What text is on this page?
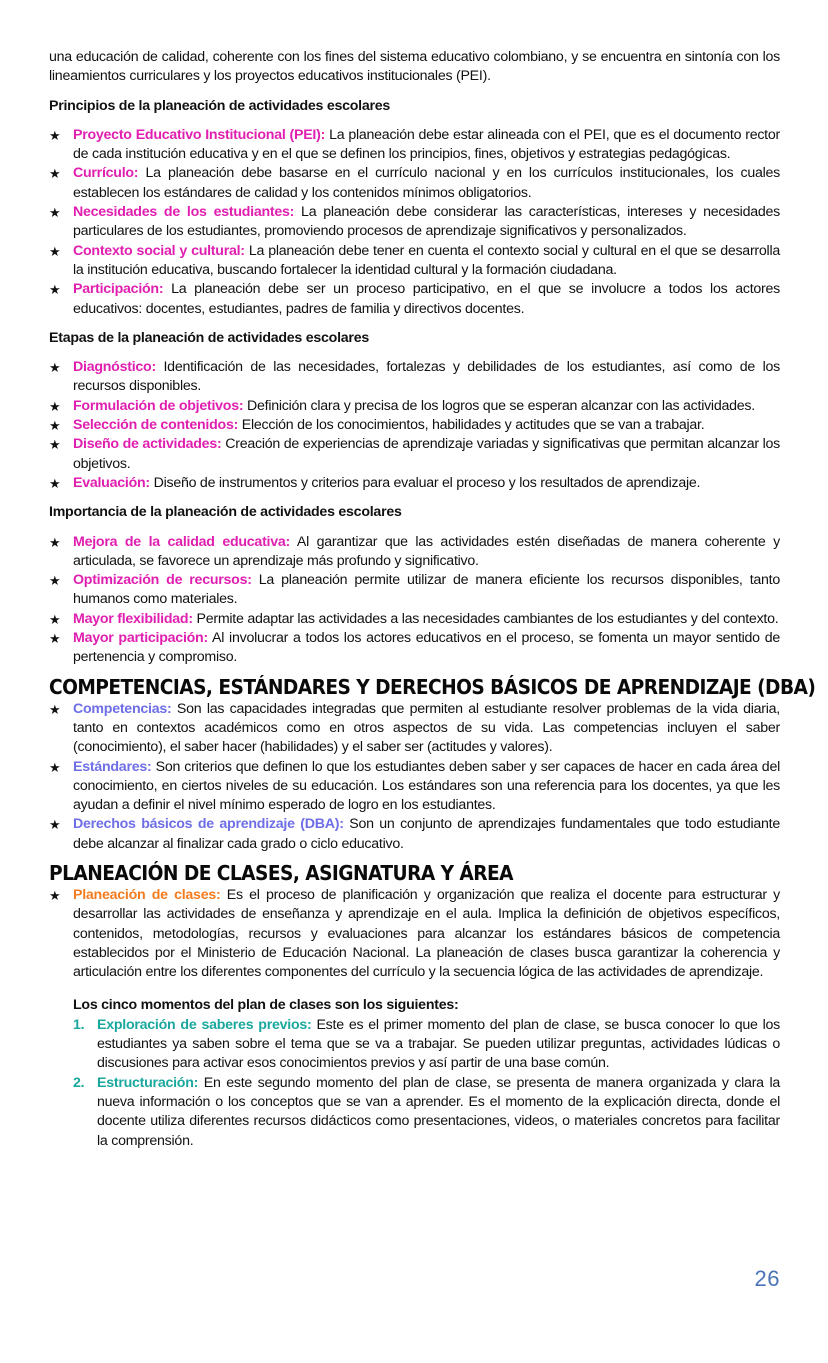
una educación de calidad, coherente con los fines del sistema educativo colombiano, y se encuentra en sintonía con los lineamientos curriculares y los proyectos educativos institucionales (PEI).

Principios de la planeación de actividades escolares
★ Proyecto Educativo Institucional (PEI): La planeación debe estar alineada con el PEI, que es el documento rector de cada institución educativa y en el que se definen los principios, fines, objetivos y estrategias pedagógicas.
★ Currículo: La planeación debe basarse en el currículo nacional y en los currículos institucionales, los cuales establecen los estándares de calidad y los contenidos mínimos obligatorios.
★ Necesidades de los estudiantes: La planeación debe considerar las características, intereses y necesidades particulares de los estudiantes, promoviendo procesos de aprendizaje significativos y personalizados.
★ Contexto social y cultural: La planeación debe tener en cuenta el contexto social y cultural en el que se desarrolla la institución educativa, buscando fortalecer la identidad cultural y la formación ciudadana.
★ Participación: La planeación debe ser un proceso participativo, en el que se involucre a todos los actores educativos: docentes, estudiantes, padres de familia y directivos docentes.
Etapas de la planeación de actividades escolares
★ Diagnóstico: Identificación de las necesidades, fortalezas y debilidades de los estudiantes, así como de los recursos disponibles.
★ Formulación de objetivos: Definición clara y precisa de los logros que se esperan alcanzar con las actividades.
★ Selección de contenidos: Elección de los conocimientos, habilidades y actitudes que se van a trabajar.
★ Diseño de actividades: Creación de experiencias de aprendizaje variadas y significativas que permitan alcanzar los objetivos.
★ Evaluación: Diseño de instrumentos y criterios para evaluar el proceso y los resultados de aprendizaje.
Importancia de la planeación de actividades escolares
★ Mejora de la calidad educativa: Al garantizar que las actividades estén diseñadas de manera coherente y articulada, se favorece un aprendizaje más profundo y significativo.
★ Optimización de recursos: La planeación permite utilizar de manera eficiente los recursos disponibles, tanto humanos como materiales.
★ Mayor flexibilidad: Permite adaptar las actividades a las necesidades cambiantes de los estudiantes y del contexto.
★ Mayor participación: Al involucrar a todos los actores educativos en el proceso, se fomenta un mayor sentido de pertenencia y compromiso.
COMPETENCIAS, ESTÁNDARES Y DERECHOS BÁSICOS DE APRENDIZAJE (DBA)
★ Competencias: Son las capacidades integradas que permiten al estudiante resolver problemas de la vida diaria, tanto en contextos académicos como en otros aspectos de su vida. Las competencias incluyen el saber (conocimiento), el saber hacer (habilidades) y el saber ser (actitudes y valores).
★ Estándares: Son criterios que definen lo que los estudiantes deben saber y ser capaces de hacer en cada área del conocimiento, en ciertos niveles de su educación. Los estándares son una referencia para los docentes, ya que les ayudan a definir el nivel mínimo esperado de logro en los estudiantes.
★ Derechos básicos de aprendizaje (DBA): Son un conjunto de aprendizajes fundamentales que todo estudiante debe alcanzar al finalizar cada grado o ciclo educativo.
PLANEACIÓN DE CLASES, ASIGNATURA Y ÁREA
★ Planeación de clases: Es el proceso de planificación y organización que realiza el docente para estructurar y desarrollar las actividades de enseñanza y aprendizaje en el aula. Implica la definición de objetivos específicos, contenidos, metodologías, recursos y evaluaciones para alcanzar los estándares básicos de competencia establecidos por el Ministerio de Educación Nacional. La planeación de clases busca garantizar la coherencia y articulación entre los diferentes componentes del currículo y la secuencia lógica de las actividades de aprendizaje.
Los cinco momentos del plan de clases son los siguientes:
1. Exploración de saberes previos: Este es el primer momento del plan de clase, se busca conocer lo que los estudiantes ya saben sobre el tema que se va a trabajar. Se pueden utilizar preguntas, actividades lúdicas o discusiones para activar esos conocimientos previos y así partir de una base común.
2. Estructuración: En este segundo momento del plan de clase, se presenta de manera organizada y clara la nueva información o los conceptos que se van a aprender. Es el momento de la explicación directa, donde el docente utiliza diferentes recursos didácticos como presentaciones, videos, o materiales concretos para facilitar la comprensión.
26
